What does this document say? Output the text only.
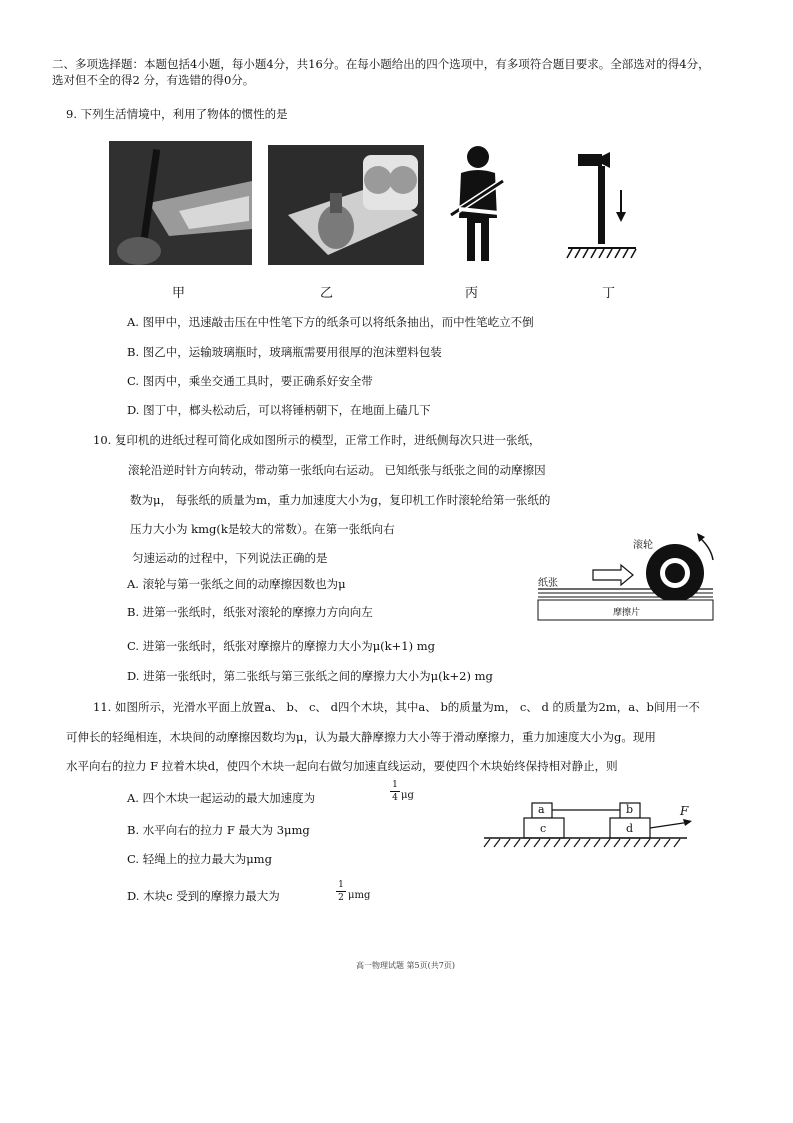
二、多项选择题：本题包括4小题，每小题4分，共16分。在每小题给出的四个选项中，有多项符合题目要求。全部选对的得4分，
选对但不全的得2 分，有选错的得0分。
9. 下列生活情境中，利用了物体的惯性的是
甲	乙	丙	丁
A. 图甲中，迅速敲击压在中性笔下方的纸条可以将纸条抽出，而中性笔屹立不倒
B. 图乙中，运输玻璃瓶时，玻璃瓶需要用很厚的泡沫塑料包装
C. 图丙中，乘坐交通工具时，要正确系好安全带
D. 图丁中，榔头松动后，可以将锤柄朝下，在地面上磕几下
10. 复印机的进纸过程可简化成如图所示的模型，正常工作时，进纸侧每次只进一张纸，
滚轮沿逆时针方向转动，带动第一张纸向右运动。 已知纸张与纸张之间的动摩擦因
数为μ， 每张纸的质量为m，重力加速度大小为g，复印机工作时滚轮给第一张纸的
压力大小为 kmg(k是较大的常数）。在第一张纸向右
匀速运动的过程中，下列说法正确的是
A. 滚轮与第一张纸之间的动摩擦因数也为μ
B. 进第一张纸时，纸张对滚轮的摩擦力方向向左
C. 进第一张纸时，纸张对摩擦片的摩擦力大小为μ(k+1) mg
D. 进第一张纸时，第二张纸与第三张纸之间的摩擦力大小为μ(k+2) mg
滚轮
纸张
摩擦片
11. 如图所示，光滑水平面上放置a、 b、 c、 d四个木块，其中a、 b的质量为m， c、 d 的质量为2m，a、b间用一不
可伸长的轻绳相连，木块间的动摩擦因数均为μ，认为最大静摩擦力大小等于滑动摩擦力，重力加速度大小为g。现用
水平向右的拉力 F 拉着木块d，使四个木块一起向右做匀加速直线运动，要使四个木块始终保持相对静止，则
A. 四个木块一起运动的最大加速度为
1
4 μg
B. 水平向右的拉力 F 最大为 3μmg
C. 轻绳上的拉力最大为μmg
D. 木块c 受到的摩擦力最大为
1
2 μmg
a	b
c	d
F
高一物理试题 第5页(共7页)
